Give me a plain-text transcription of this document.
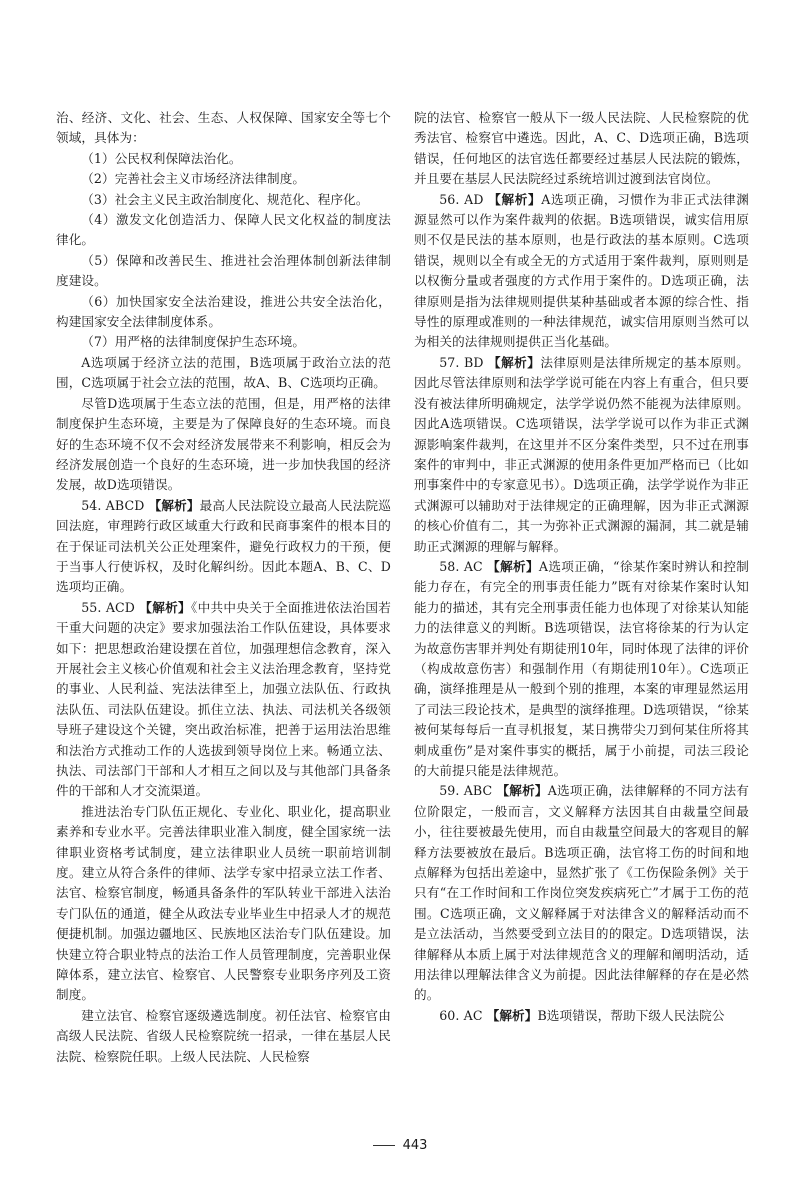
治、经济、文化、社会、生态、人权保障、国家安全等七个领域，具体为：

（1）公民权利保障法治化。

（2）完善社会主义市场经济法律制度。

（3）社会主义民主政治制度化、规范化、程序化。

（4）激发文化创造活力、保障人民文化权益的制度法律化。

（5）保障和改善民生、推进社会治理体制创新法律制度建设。

（6）加快国家安全法治建设，推进公共安全法治化，构建国家安全法律制度体系。

（7）用严格的法律制度保护生态环境。

A选项属于经济立法的范围，B选项属于政治立法的范围，C选项属于社会立法的范围，故A、B、C选项均正确。

尽管D选项属于生态立法的范围，但是，用严格的法律制度保护生态环境，主要是为了保障良好的生态环境。而良好的生态环境不仅不会对经济发展带来不利影响，相反会为经济发展创造一个良好的生态环境，进一步加快我国的经济发展，故D选项错误。

54. ABCD 【解析】最高人民法院设立最高人民法院巡回法庭，审理跨行政区域重大行政和民商事案件的根本目的在于保证司法机关公正处理案件，避免行政权力的干预，便于当事人行使诉权，及时化解纠纷。因此本题A、B、C、D选项均正确。

55. ACD 【解析】《中共中央关于全面推进依法治国若干重大问题的决定》要求加强法治工作队伍建设，具体要求如下：把思想政治建设摆在首位，加强理想信念教育，深入开展社会主义核心价值观和社会主义法治理念教育，坚持党的事业、人民利益、宪法法律至上，加强立法队伍、行政执法队伍、司法队伍建设。抓住立法、执法、司法机关各级领导班子建设这个关键，突出政治标准，把善于运用法治思维和法治方式推动工作的人选拔到领导岗位上来。畅通立法、执法、司法部门干部和人才相互之间以及与其他部门具备条件的干部和人才交流渠道。

推进法治专门队伍正规化、专业化、职业化，提高职业素养和专业水平。完善法律职业准入制度，健全国家统一法律职业资格考试制度，建立法律职业人员统一职前培训制度。建立从符合条件的律师、法学专家中招录立法工作者、法官、检察官制度，畅通具备条件的军队转业干部进入法治专门队伍的通道，健全从政法专业毕业生中招录人才的规范便捷机制。加强边疆地区、民族地区法治专门队伍建设。加快建立符合职业特点的法治工作人员管理制度，完善职业保障体系，建立法官、检察官、人民警察专业职务序列及工资制度。

建立法官、检察官逐级遴选制度。初任法官、检察官由高级人民法院、省级人民检察院统一招录，一律在基层人民法院、检察院任职。上级人民法院、人民检察

院的法官、检察官一般从下一级人民法院、人民检察院的优秀法官、检察官中遴选。因此，A、C、D选项正确，B选项错误，任何地区的法官选任都要经过基层人民法院的锻炼，并且要在基层人民法院经过系统培训过渡到法官岗位。

56. AD 【解析】A选项正确，习惯作为非正式法律渊源显然可以作为案件裁判的依据。B选项错误，诚实信用原则不仅是民法的基本原则，也是行政法的基本原则。C选项错误，规则以全有或全无的方式适用于案件裁判，原则则是以权衡分量或者强度的方式作用于案件的。D选项正确，法律原则是指为法律规则提供某种基础或者本源的综合性、指导性的原理或准则的一种法律规范，诚实信用原则当然可以为相关的法律规则提供正当化基础。

57. BD 【解析】法律原则是法律所规定的基本原则。因此尽管法律原则和法学学说可能在内容上有重合，但只要没有被法律所明确规定，法学学说仍然不能视为法律原则。因此A选项错误。C选项错误，法学学说可以作为非正式渊源影响案件裁判，在这里并不区分案件类型，只不过在刑事案件的审判中，非正式渊源的使用条件更加严格而已（比如刑事案件中的专家意见书）。D选项正确，法学学说作为非正式渊源可以辅助对于法律规定的正确理解，因为非正式渊源的核心价值有二，其一为弥补正式渊源的漏洞，其二就是辅助正式渊源的理解与解释。

58. AC 【解析】A选项正确，“徐某作案时辨认和控制能力存在，有完全的刑事责任能力”既有对徐某作案时认知能力的描述，其有完全刑事责任能力也体现了对徐某认知能力的法律意义的判断。B选项错误，法官将徐某的行为认定为故意伤害罪并判处有期徒刑10年，同时体现了法律的评价（构成故意伤害）和强制作用（有期徒刑10年）。C选项正确，演绎推理是从一般到个别的推理，本案的审理显然运用了司法三段论技术，是典型的演绎推理。D选项错误，“徐某被何某每每后一直寻机报复，某日携带尖刀到何某住所将其刺成重伤”是对案件事实的概括，属于小前提，司法三段论的大前提只能是法律规范。

59. ABC 【解析】A选项正确，法律解释的不同方法有位阶限定，一般而言，文义解释方法因其自由裁量空间最小，往往要被最先使用，而自由裁量空间最大的客观目的解释方法要被放在最后。B选项正确，法官将工伤的时间和地点解释为包括出差途中，显然扩张了《工伤保险条例》关于只有“在工作时间和工作岗位突发疾病死亡”才属于工伤的范围。C选项正确，文义解释属于对法律含义的解释活动而不是立法活动，当然要受到立法目的的限定。D选项错误，法律解释从本质上属于对法律规范含义的理解和阐明活动，适用法律以理解法律含义为前提。因此法律解释的存在是必然的。

60. AC 【解析】B选项错误，帮助下级人民法院公

443
